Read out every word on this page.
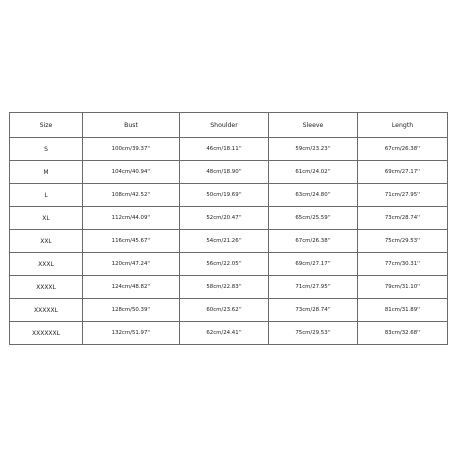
Size	Bust	Shoulder	Sleeve	Length
S	100cm/39.37''	46cm/18.11''	59cm/23.23''	67cm/26.38''
M	104cm/40.94''	48cm/18.90''	61cm/24.02''	69cm/27.17''
L	108cm/42.52''	50cm/19.69''	63cm/24.80''	71cm/27.95''
XL	112cm/44.09''	52cm/20.47''	65cm/25.59''	73cm/28.74''
XXL	116cm/45.67''	54cm/21.26''	67cm/26.38''	75cm/29.53''
XXXL	120cm/47.24''	56cm/22.05''	69cm/27.17''	77cm/30.31''
XXXXL	124cm/48.82''	58cm/22.83''	71cm/27.95''	79cm/31.10''
XXXXXL	128cm/50.39''	60cm/23.62''	73cm/28.74''	81cm/31.89''
XXXXXXL	132cm/51.97''	62cm/24.41''	75cm/29.53''	83cm/32.68''
